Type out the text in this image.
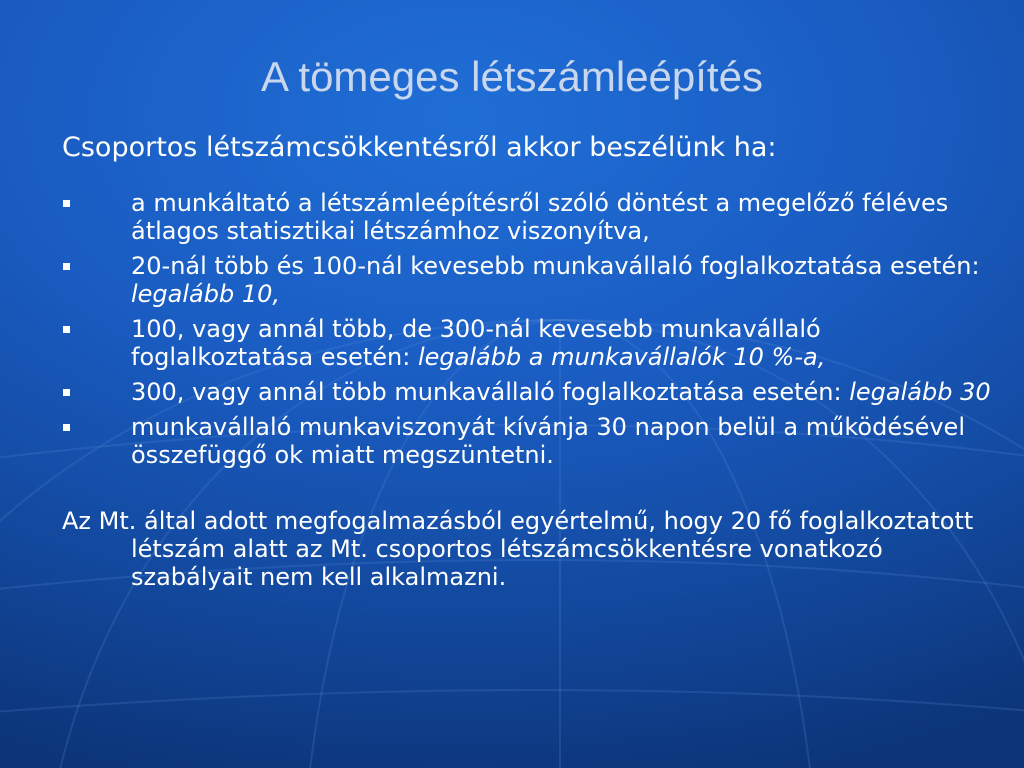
A tömeges létszámleépítés

Csoportos létszámcsökkentésről akkor beszélünk ha:

a munkáltató a létszámleépítésről szóló döntést a megelőző féléves átlagos statisztikai létszámhoz viszonyítva,
20-nál több és 100-nál kevesebb munkavállaló foglalkoztatása esetén: legalább 10,
100, vagy annál több, de 300-nál kevesebb munkavállaló foglalkoztatása esetén: legalább a munkavállalók 10 %-a,
300, vagy annál több munkavállaló foglalkoztatása esetén: legalább 30
munkavállaló munkaviszonyát kívánja 30 napon belül a működésével összefüggő ok miatt megszüntetni.

Az Mt. által adott megfogalmazásból egyértelmű, hogy 20 fő foglalkoztatott létszám alatt az Mt. csoportos létszámcsökkentésre vonatkozó szabályait nem kell alkalmazni.
